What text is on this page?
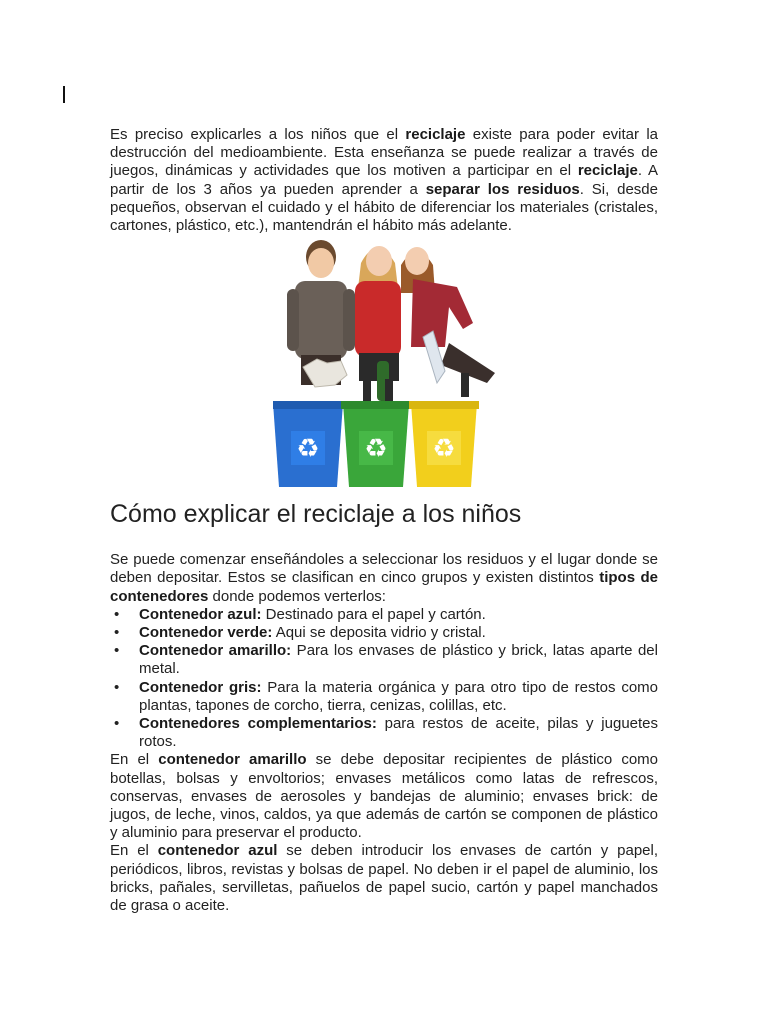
Es preciso explicarles a los niños que el reciclaje existe para poder evitar la destrucción del medioambiente. Esta enseñanza se puede realizar a través de juegos, dinámicas y actividades que los motiven a participar en el reciclaje. A partir de los 3 años ya pueden aprender a separar los residuos. Si, desde pequeños, observan el cuidado y el hábito de diferenciar los materiales (cristales, cartones, plástico, etc.), mantendrán el hábito más adelante.
♻ ♻ ♻
Cómo explicar el reciclaje a los niños
Se puede comenzar enseñándoles a seleccionar los residuos y el lugar donde se deben depositar. Estos se clasifican en cinco grupos y existen distintos tipos de contenedores donde podemos verterlos:
• Contenedor azul: Destinado para el papel y cartón.
• Contenedor verde: Aqui se deposita vidrio y cristal.
• Contenedor amarillo: Para los envases de plástico y brick, latas aparte del metal.
• Contenedor gris: Para la materia orgánica y para otro tipo de restos como plantas, tapones de corcho, tierra, cenizas, colillas, etc.
• Contenedores complementarios: para restos de aceite, pilas y juguetes rotos.

En el contenedor amarillo se debe depositar recipientes de plástico como botellas, bolsas y envoltorios; envases metálicos como latas de refrescos, conservas, envases de aerosoles y bandejas de aluminio; envases brick: de jugos, de leche, vinos, caldos, ya que además de cartón se componen de plástico y aluminio para preservar el producto.

En el contenedor azul se deben introducir los envases de cartón y papel, periódicos, libros, revistas y bolsas de papel. No deben ir el papel de aluminio, los bricks, pañales, servilletas, pañuelos de papel sucio, cartón y papel manchados de grasa o aceite.
